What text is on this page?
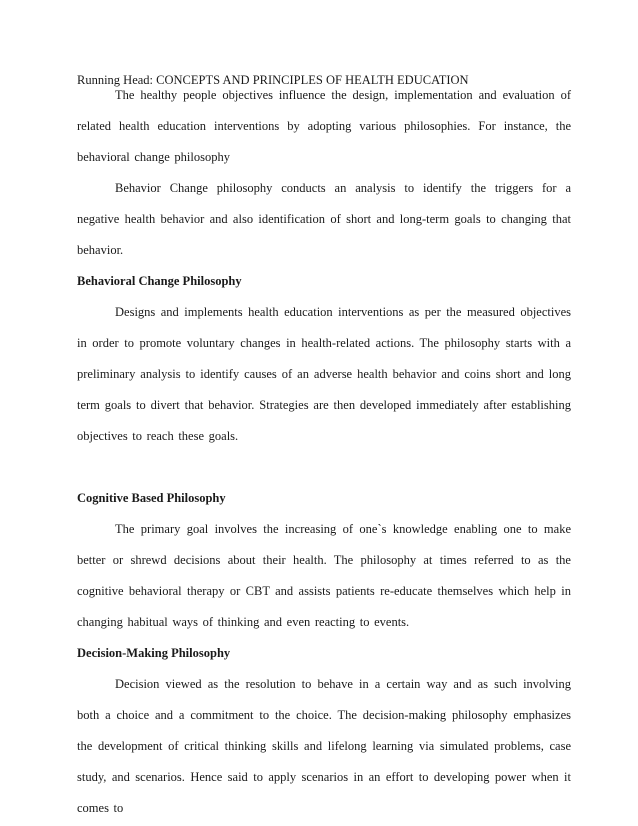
Running Head: CONCEPTS AND PRINCIPLES OF HEALTH EDUCATION

The healthy people objectives influence the design, implementation and evaluation of related health education interventions by adopting various philosophies. For instance, the behavioral change philosophy

Behavior Change philosophy conducts an analysis to identify the triggers for a negative health behavior and also identification of short and long-term goals to changing that behavior.

Behavioral Change Philosophy

Designs and implements health education interventions as per the measured objectives in order to promote voluntary changes in health-related actions. The philosophy starts with a preliminary analysis to identify causes of an adverse health behavior and coins short and long term goals to divert that behavior. Strategies are then developed immediately after establishing objectives to reach these goals.

Cognitive Based Philosophy

The primary goal involves the increasing of one`s knowledge enabling one to make better or shrewd decisions about their health. The philosophy at times referred to as the cognitive behavioral therapy or CBT and assists patients re-educate themselves which help in changing habitual ways of thinking and even reacting to events.

Decision-Making Philosophy

Decision viewed as the resolution to behave in a certain way and as such involving both a choice and a commitment to the choice. The decision-making philosophy emphasizes the development of critical thinking skills and lifelong learning via simulated problems, case study, and scenarios. Hence said to apply scenarios in an effort to developing power when it comes to
